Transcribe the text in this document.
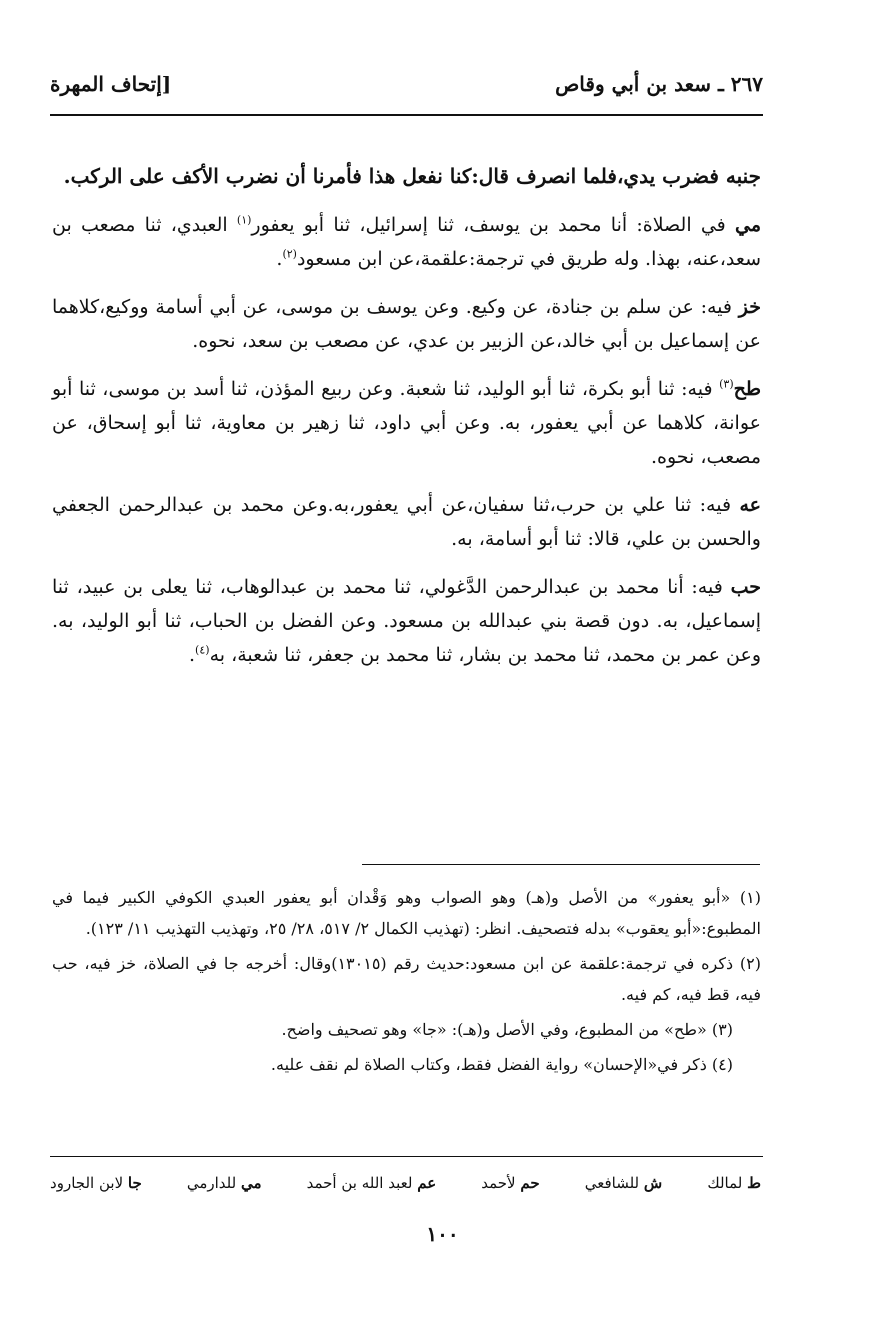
٢٦٧ ـ سعد بن أبي وقاص
[إتحاف المهرة

جنبه فضرب يدي،فلما انصرف قال:كنا نفعل هذا فأمرنا أن نضرب الأكف على الركب.

مي في الصلاة: أنا محمد بن يوسف، ثنا إسرائيل، ثنا أبو يعفور$^{(١)}$ العبدي، ثنا مصعب بن سعد،عنه، بهذا. وله طريق في ترجمة:علقمة،عن ابن مسعود$^{(٢)}$.

خز فيه: عن سلم بن جنادة، عن وكيع. وعن يوسف بن موسى، عن أبي أسامة ووكيع،كلاهما عن إسماعيل بن أبي خالد،عن الزبير بن عدي، عن مصعب بن سعد، نحوه.

طح$^{(٣)}$ فيه: ثنا أبو بكرة، ثنا أبو الوليد، ثنا شعبة. وعن ربيع المؤذن، ثنا أسد بن موسى، ثنا أبو عوانة، كلاهما عن أبي يعفور، به. وعن أبي داود، ثنا زهير بن معاوية، ثنا أبو إسحاق، عن مصعب، نحوه.

عه فيه: ثنا علي بن حرب،ثنا سفيان،عن أبي يعفور،به.وعن محمد بن عبدالرحمن الجعفي والحسن بن علي، قالا: ثنا أبو أسامة، به.

حب فيه: أنا محمد بن عبدالرحمن الدَّغولي، ثنا محمد بن عبدالوهاب، ثنا يعلى بن عبيد، ثنا إسماعيل، به. دون قصة بني عبدالله بن مسعود. وعن الفضل بن الحباب، ثنا أبو الوليد، به. وعن عمر بن محمد، ثنا محمد بن بشار، ثنا محمد بن جعفر، ثنا شعبة، به$^{(٤)}$.

(١) «أبو يعفور» من الأصل و(هـ) وهو الصواب وهو وَقْدان أبو يعفور العبدي الكوفي الكبير فيما في المطبوع:«أبو يعقوب» بدله فتصحيف. انظر: (تهذيب الكمال ٢/ ٥١٧، ٢٨/ ٢٥، وتهذيب التهذيب ١١/ ١٢٣).

(٢) ذكره في ترجمة:علقمة عن ابن مسعود:حديث رقم (١٣٠١٥)وقال: أخرجه جا في الصلاة، خز فيه، حب فيه، قط فيه، كم فيه.

(٣) «طح» من المطبوع، وفي الأصل و(هـ): «جا» وهو تصحيف واضح.

(٤) ذكر في«الإحسان» رواية الفضل فقط، وكتاب الصلاة لم نقف عليه.

ط لمالك
ش للشافعي
حم لأحمد
عم لعبد الله بن أحمد
مي للدارمي
جا لابن الجارود
١٠٠
